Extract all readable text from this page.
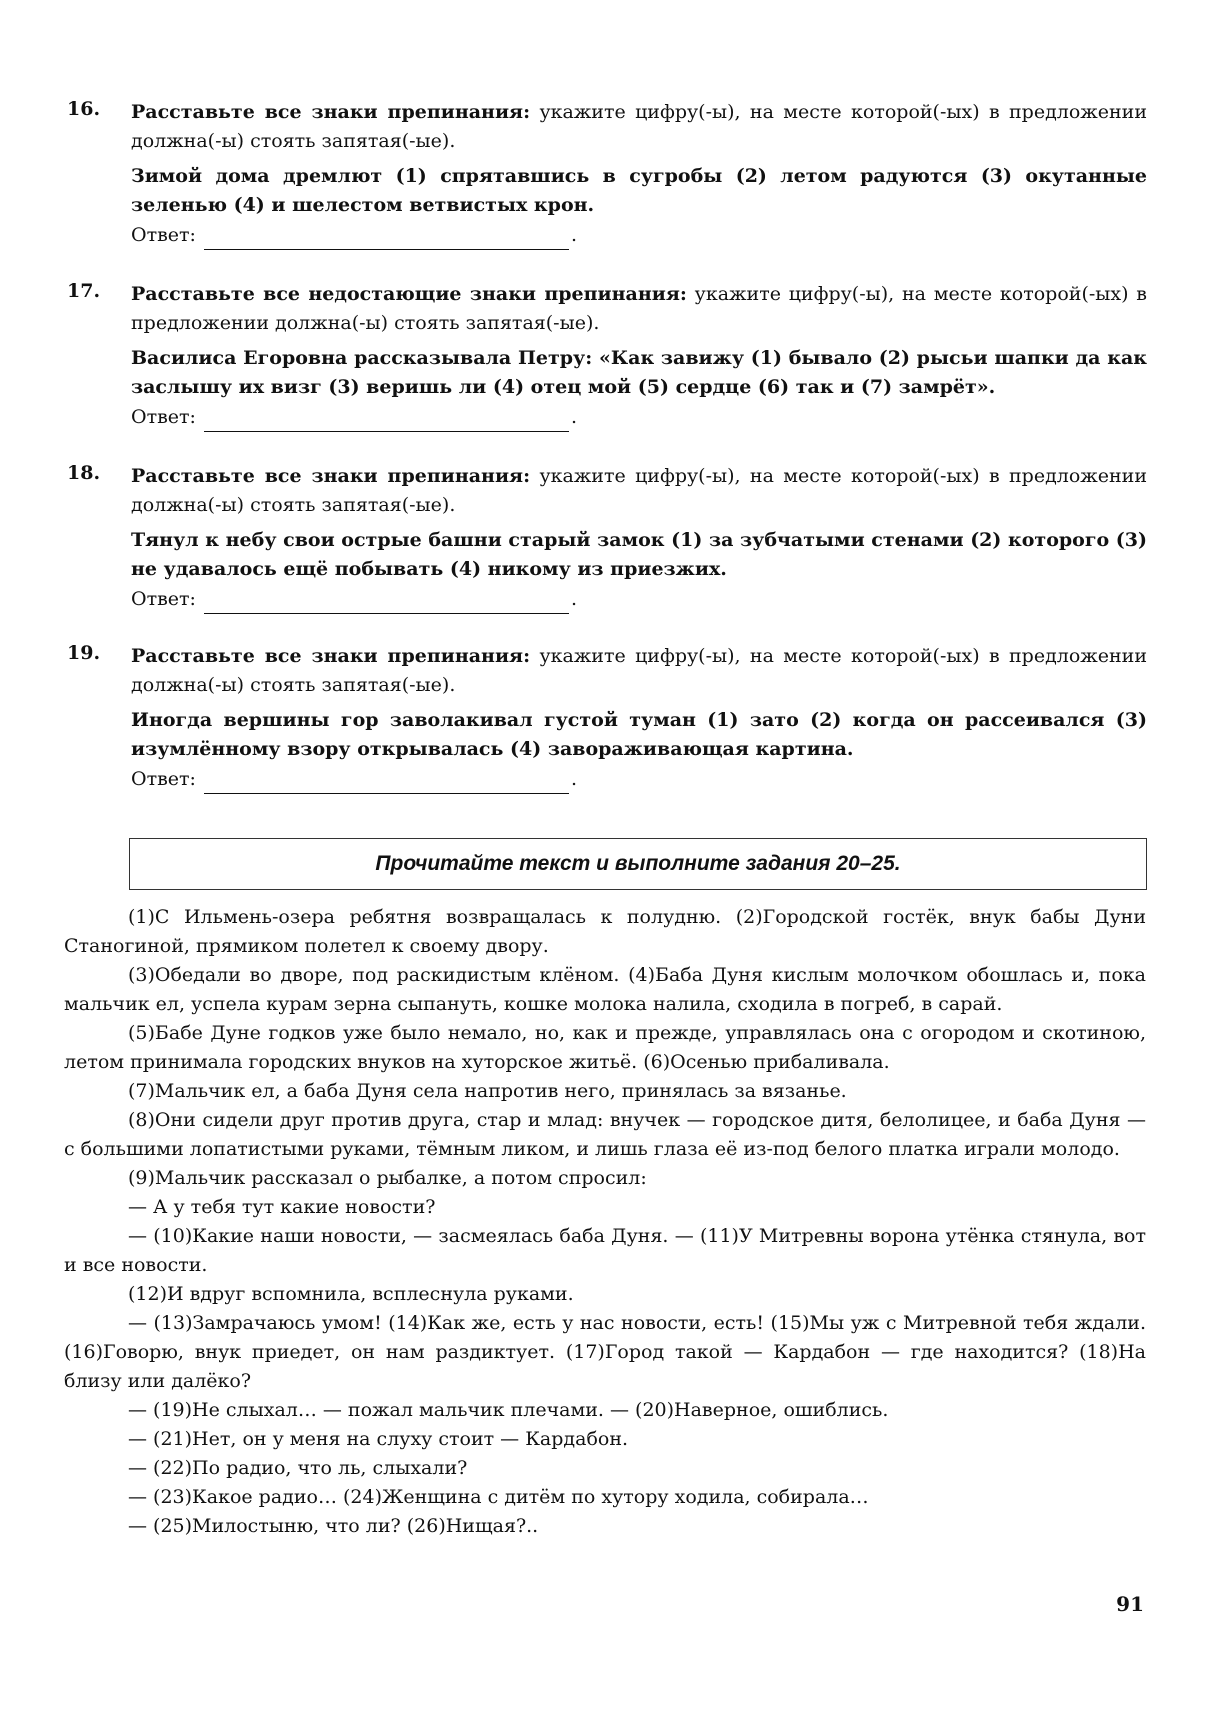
16. Расставьте все знаки препинания: укажите цифру(-ы), на месте которой(-ых) в предложении должна(-ы) стоять запятая(-ые).
Зимой дома дремлют (1) спрятавшись в сугробы (2) летом радуются (3) окутанные зеленью (4) и шелестом ветвистых крон.
Ответ:	.
17. Расставьте все недостающие знаки препинания: укажите цифру(-ы), на месте которой(-ых) в предложении должна(-ы) стоять запятая(-ые).
Василиса Егоровна рассказывала Петру: «Как завижу (1) бывало (2) рысьи шапки да как заслышу их визг (3) веришь ли (4) отец мой (5) сердце (6) так и (7) замрёт».
Ответ:	.
18. Расставьте все знаки препинания: укажите цифру(-ы), на месте которой(-ых) в предложении должна(-ы) стоять запятая(-ые).
Тянул к небу свои острые башни старый замок (1) за зубчатыми стенами (2) которого (3) не удавалось ещё побывать (4) никому из приезжих.
Ответ:	.
19. Расставьте все знаки препинания: укажите цифру(-ы), на месте которой(-ых) в предложении должна(-ы) стоять запятая(-ые).
Иногда вершины гор заволакивал густой туман (1) зато (2) когда он рассеивался (3) изумлённому взору открывалась (4) завораживающая картина.
Ответ:	.
Прочитайте текст и выполните задания 20–25.

(1)С Ильмень-озера ребятня возвращалась к полудню. (2)Городской гостёк, внук бабы Дуни Станогиной, прямиком полетел к своему двору.

(3)Обедали во дворе, под раскидистым клёном. (4)Баба Дуня кислым молочком обошлась и, пока мальчик ел, успела курам зерна сыпануть, кошке молока налила, сходила в погреб, в сарай.

(5)Бабе Дуне годков уже было немало, но, как и прежде, управлялась она с огородом и скотиною, летом принимала городских внуков на хуторское житьё. (6)Осенью прибаливала.

(7)Мальчик ел, а баба Дуня села напротив него, принялась за вязанье.

(8)Они сидели друг против друга, стар и млад: внучек — городское дитя, белолицее, и баба Дуня — с большими лопатистыми руками, тёмным ликом, и лишь глаза её из-под белого платка играли молодо.

(9)Мальчик рассказал о рыбалке, а потом спросил:

— А у тебя тут какие новости?

— (10)Какие наши новости, — засмеялась баба Дуня. — (11)У Митревны ворона утёнка стянула, вот и все новости.

(12)И вдруг вспомнила, всплеснула руками.

— (13)Замрачаюсь умом! (14)Как же, есть у нас новости, есть! (15)Мы уж с Митревной тебя ждали. (16)Говорю, внук приедет, он нам раздиктует. (17)Город такой — Кардабон — где находится? (18)На близу или далёко?

— (19)Не слыхал… — пожал мальчик плечами. — (20)Наверное, ошиблись.

— (21)Нет, он у меня на слуху стоит — Кардабон.

— (22)По радио, что ль, слыхали?

— (23)Какое радио… (24)Женщина с дитём по хутору ходила, собирала…

— (25)Милостыню, что ли? (26)Нищая?..

91
